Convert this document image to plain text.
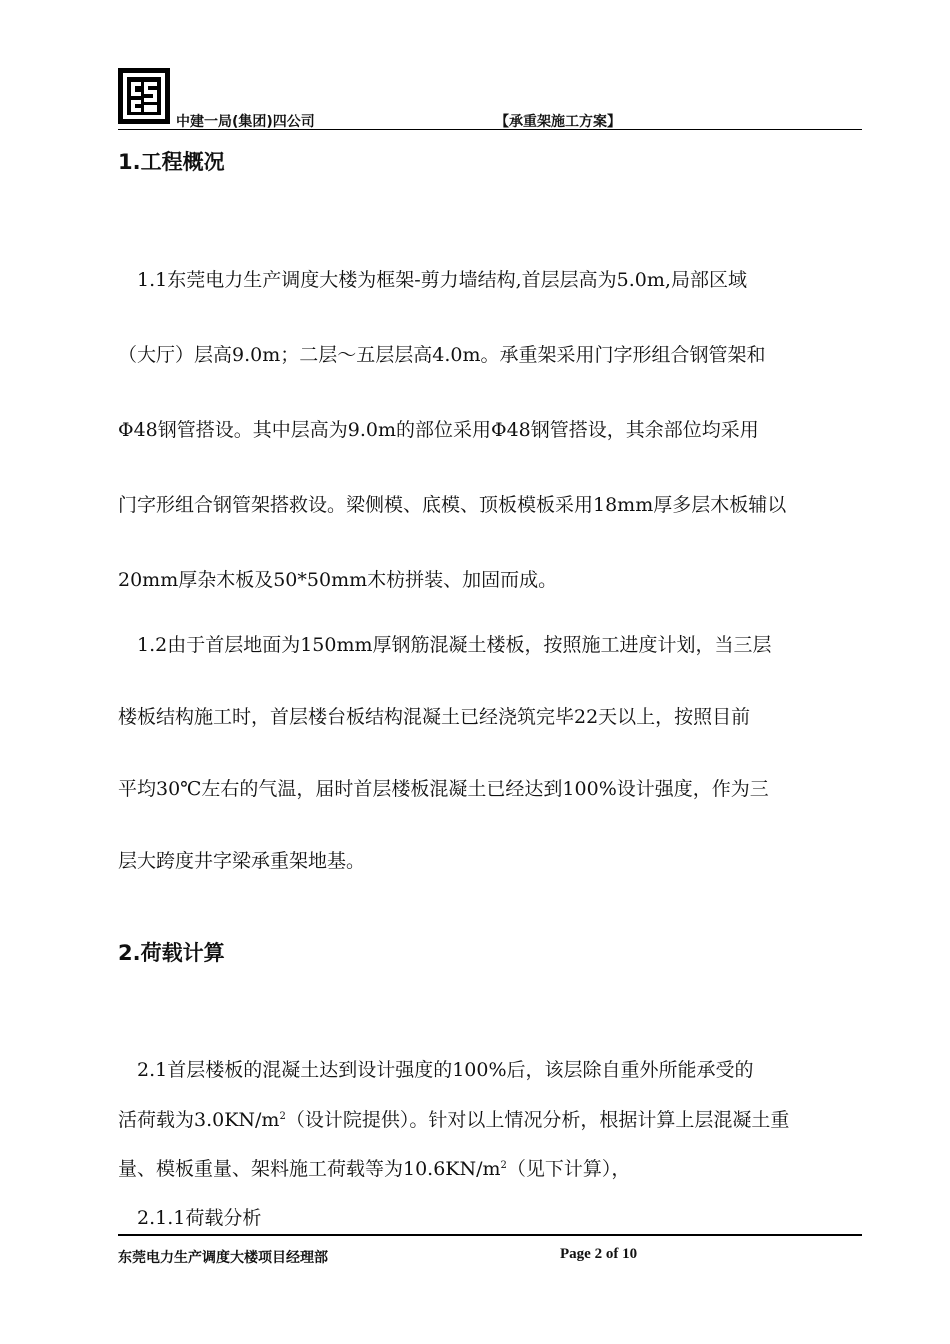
中建一局(集团)四公司	【承重架施工方案】
1.工程概况
　1.1东莞电力生产调度大楼为框架-剪力墙结构,首层层高为5.0m,局部区域
（大厅）层高9.0m；二层～五层层高4.0m。承重架采用门字形组合钢管架和
Φ48钢管搭设。其中层高为9.0m的部位采用Φ48钢管搭设，其余部位均采用
门字形组合钢管架搭救设。梁侧模、底模、顶板模板采用18mm厚多层木板辅以
20mm厚杂木板及50*50mm木枋拼装、加固而成。
　1.2由于首层地面为150mm厚钢筋混凝土楼板，按照施工进度计划，当三层
楼板结构施工时，首层楼台板结构混凝土已经浇筑完毕22天以上，按照目前
平均30℃左右的气温，届时首层楼板混凝土已经达到100%设计强度，作为三
层大跨度井字梁承重架地基。
2.荷载计算
　2.1首层楼板的混凝土达到设计强度的100%后，该层除自重外所能承受的
活荷载为$3.0KN/m^2$（设计院提供）。针对以上情况分析，根据计算上层混凝土重
量、模板重量、架料施工荷载等为$10.6KN/m^2$（见下计算），
　2.1.1荷载分析
东莞电力生产调度大楼项目经理部	Page 2 of 10
